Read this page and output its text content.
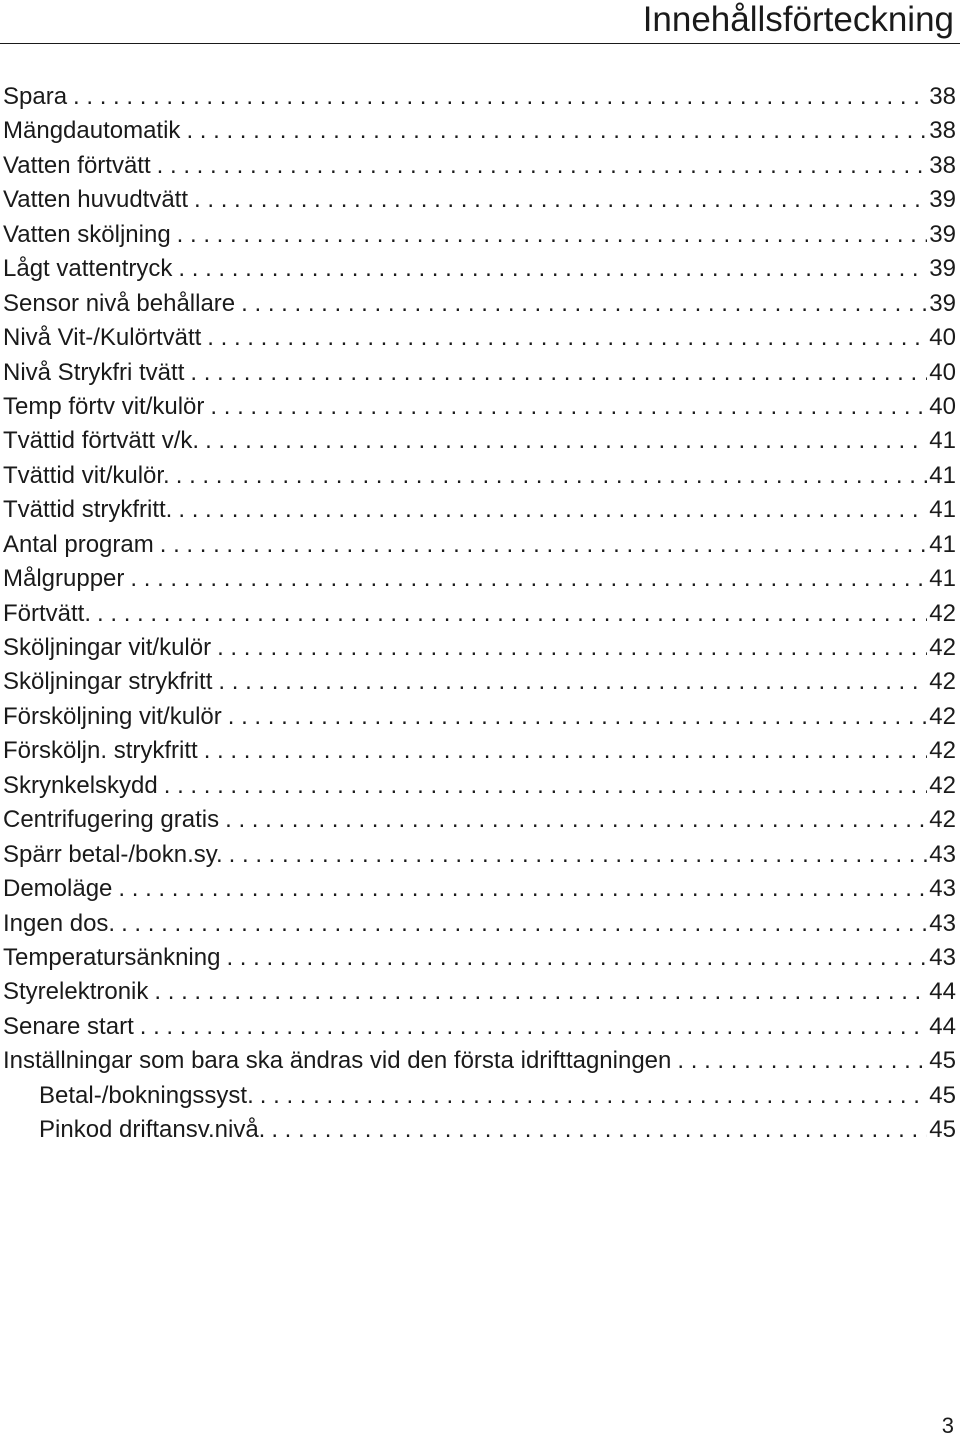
Innehållsförteckning
Spara . . .	38
Mängdautomatik . . .	38
Vatten förtvätt . . .	38
Vatten huvudtvätt . . .	39
Vatten sköljning . . .	39
Lågt vattentryck . . .	39
Sensor nivå behållare . . .	39
Nivå Vit-/Kulörtvätt . . .	40
Nivå Strykfri tvätt . . .	40
Temp förtv vit/kulör . . .	40
Tvättid förtvätt v/k. . . .	41
Tvättid vit/kulör. . . .	41
Tvättid strykfritt. . . .	41
Antal program . . .	41
Målgrupper . . .	41
Förtvätt. . . .	42
Sköljningar vit/kulör . . .	42
Sköljningar strykfritt . . .	42
Försköljning vit/kulör . . .	42
Försköljn. strykfritt . . .	42
Skrynkelskydd . . .	42
Centrifugering gratis . . .	42
Spärr betal-/bokn.sy. . . .	43
Demoläge . . .	43
Ingen dos. . . .	43
Temperatursänkning . . .	43
Styrelektronik . . .	44
Senare start . . .	44
Inställningar som bara ska ändras vid den första idrifttagningen . . .	45
Betal-/bokningssyst. . . .	45
Pinkod driftansv.nivå. . . .	45
3
